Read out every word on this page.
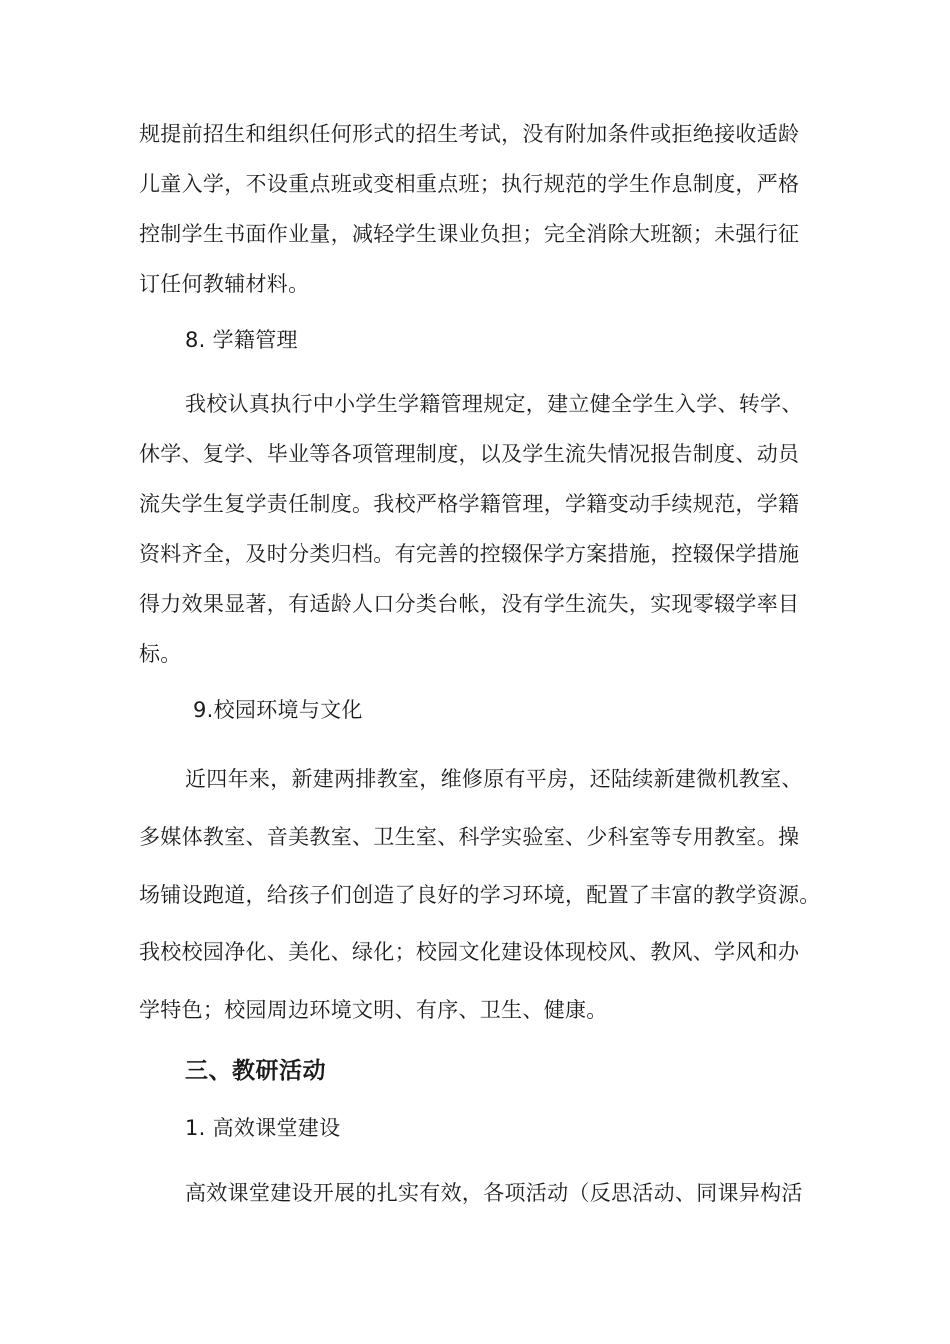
规提前招生和组织任何形式的招生考试，没有附加条件或拒绝接收适龄
儿童入学，不设重点班或变相重点班；执行规范的学生作息制度，严格
控制学生书面作业量，减轻学生课业负担；完全消除大班额；未强行征
订任何教辅材料。
8. 学籍管理
我校认真执行中小学生学籍管理规定，建立健全学生入学、转学、
休学、复学、毕业等各项管理制度，以及学生流失情况报告制度、动员
流失学生复学责任制度。我校严格学籍管理，学籍变动手续规范，学籍
资料齐全，及时分类归档。有完善的控辍保学方案措施，控辍保学措施
得力效果显著，有适龄人口分类台帐，没有学生流失，实现零辍学率目
标。
9.校园环境与文化
近四年来，新建两排教室，维修原有平房，还陆续新建微机教室、
多媒体教室、音美教室、卫生室、科学实验室、少科室等专用教室。操
场铺设跑道，给孩子们创造了良好的学习环境，配置了丰富的教学资源。
我校校园净化、美化、绿化；校园文化建设体现校风、教风、学风和办
学特色；校园周边环境文明、有序、卫生、健康。
三、教研活动
1. 高效课堂建设
高效课堂建设开展的扎实有效，各项活动（反思活动、同课异构活
